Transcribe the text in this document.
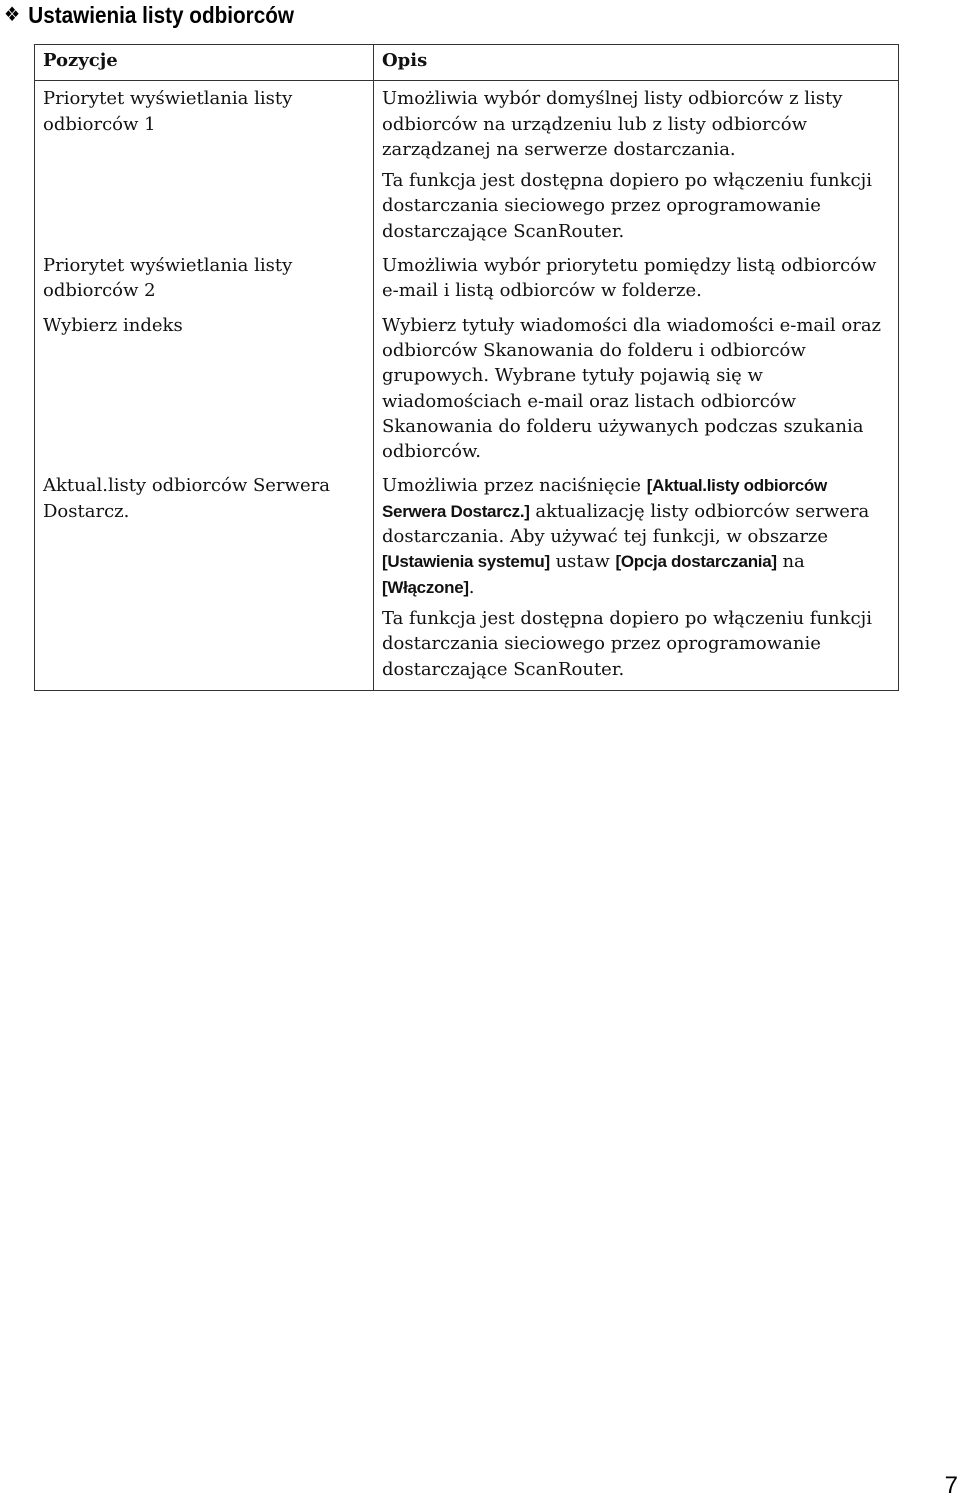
❖ Ustawienia listy odbiorców
Pozycje	Opis
Priorytet wyświetlania listy odbiorców 1	Umożliwia wybór domyślnej listy odbiorców z listy odbiorców na urządzeniu lub z listy odbiorców zarządzanej na serwerze dostarczania.

Ta funkcja jest dostępna dopiero po włączeniu funkcji dostarczania sieciowego przez oprogramowanie dostarczające ScanRouter.

Priorytet wyświetlania listy odbiorców 2	Umożliwia wybór priorytetu pomiędzy listą odbiorców e-mail i listą odbiorców w folderze.

Wybierz indeks	Wybierz tytuły wiadomości dla wiadomości e-mail oraz odbiorców Skanowania do folderu i odbiorców grupowych. Wybrane tytuły pojawią się w wiadomościach e-mail oraz listach odbiorców Skanowania do folderu używanych podczas szukania odbiorców.

Aktual.listy odbiorców Serwera Dostarcz.	Umożliwia przez naciśnięcie [Aktual.listy odbiorców Serwera Dostarcz.] aktualizację listy odbiorców serwera dostarczania. Aby używać tej funkcji, w obszarze [Ustawienia systemu] ustaw [Opcja dostarczania] na [Włączone].

Ta funkcja jest dostępna dopiero po włączeniu funkcji dostarczania sieciowego przez oprogramowanie dostarczające ScanRouter.

7
